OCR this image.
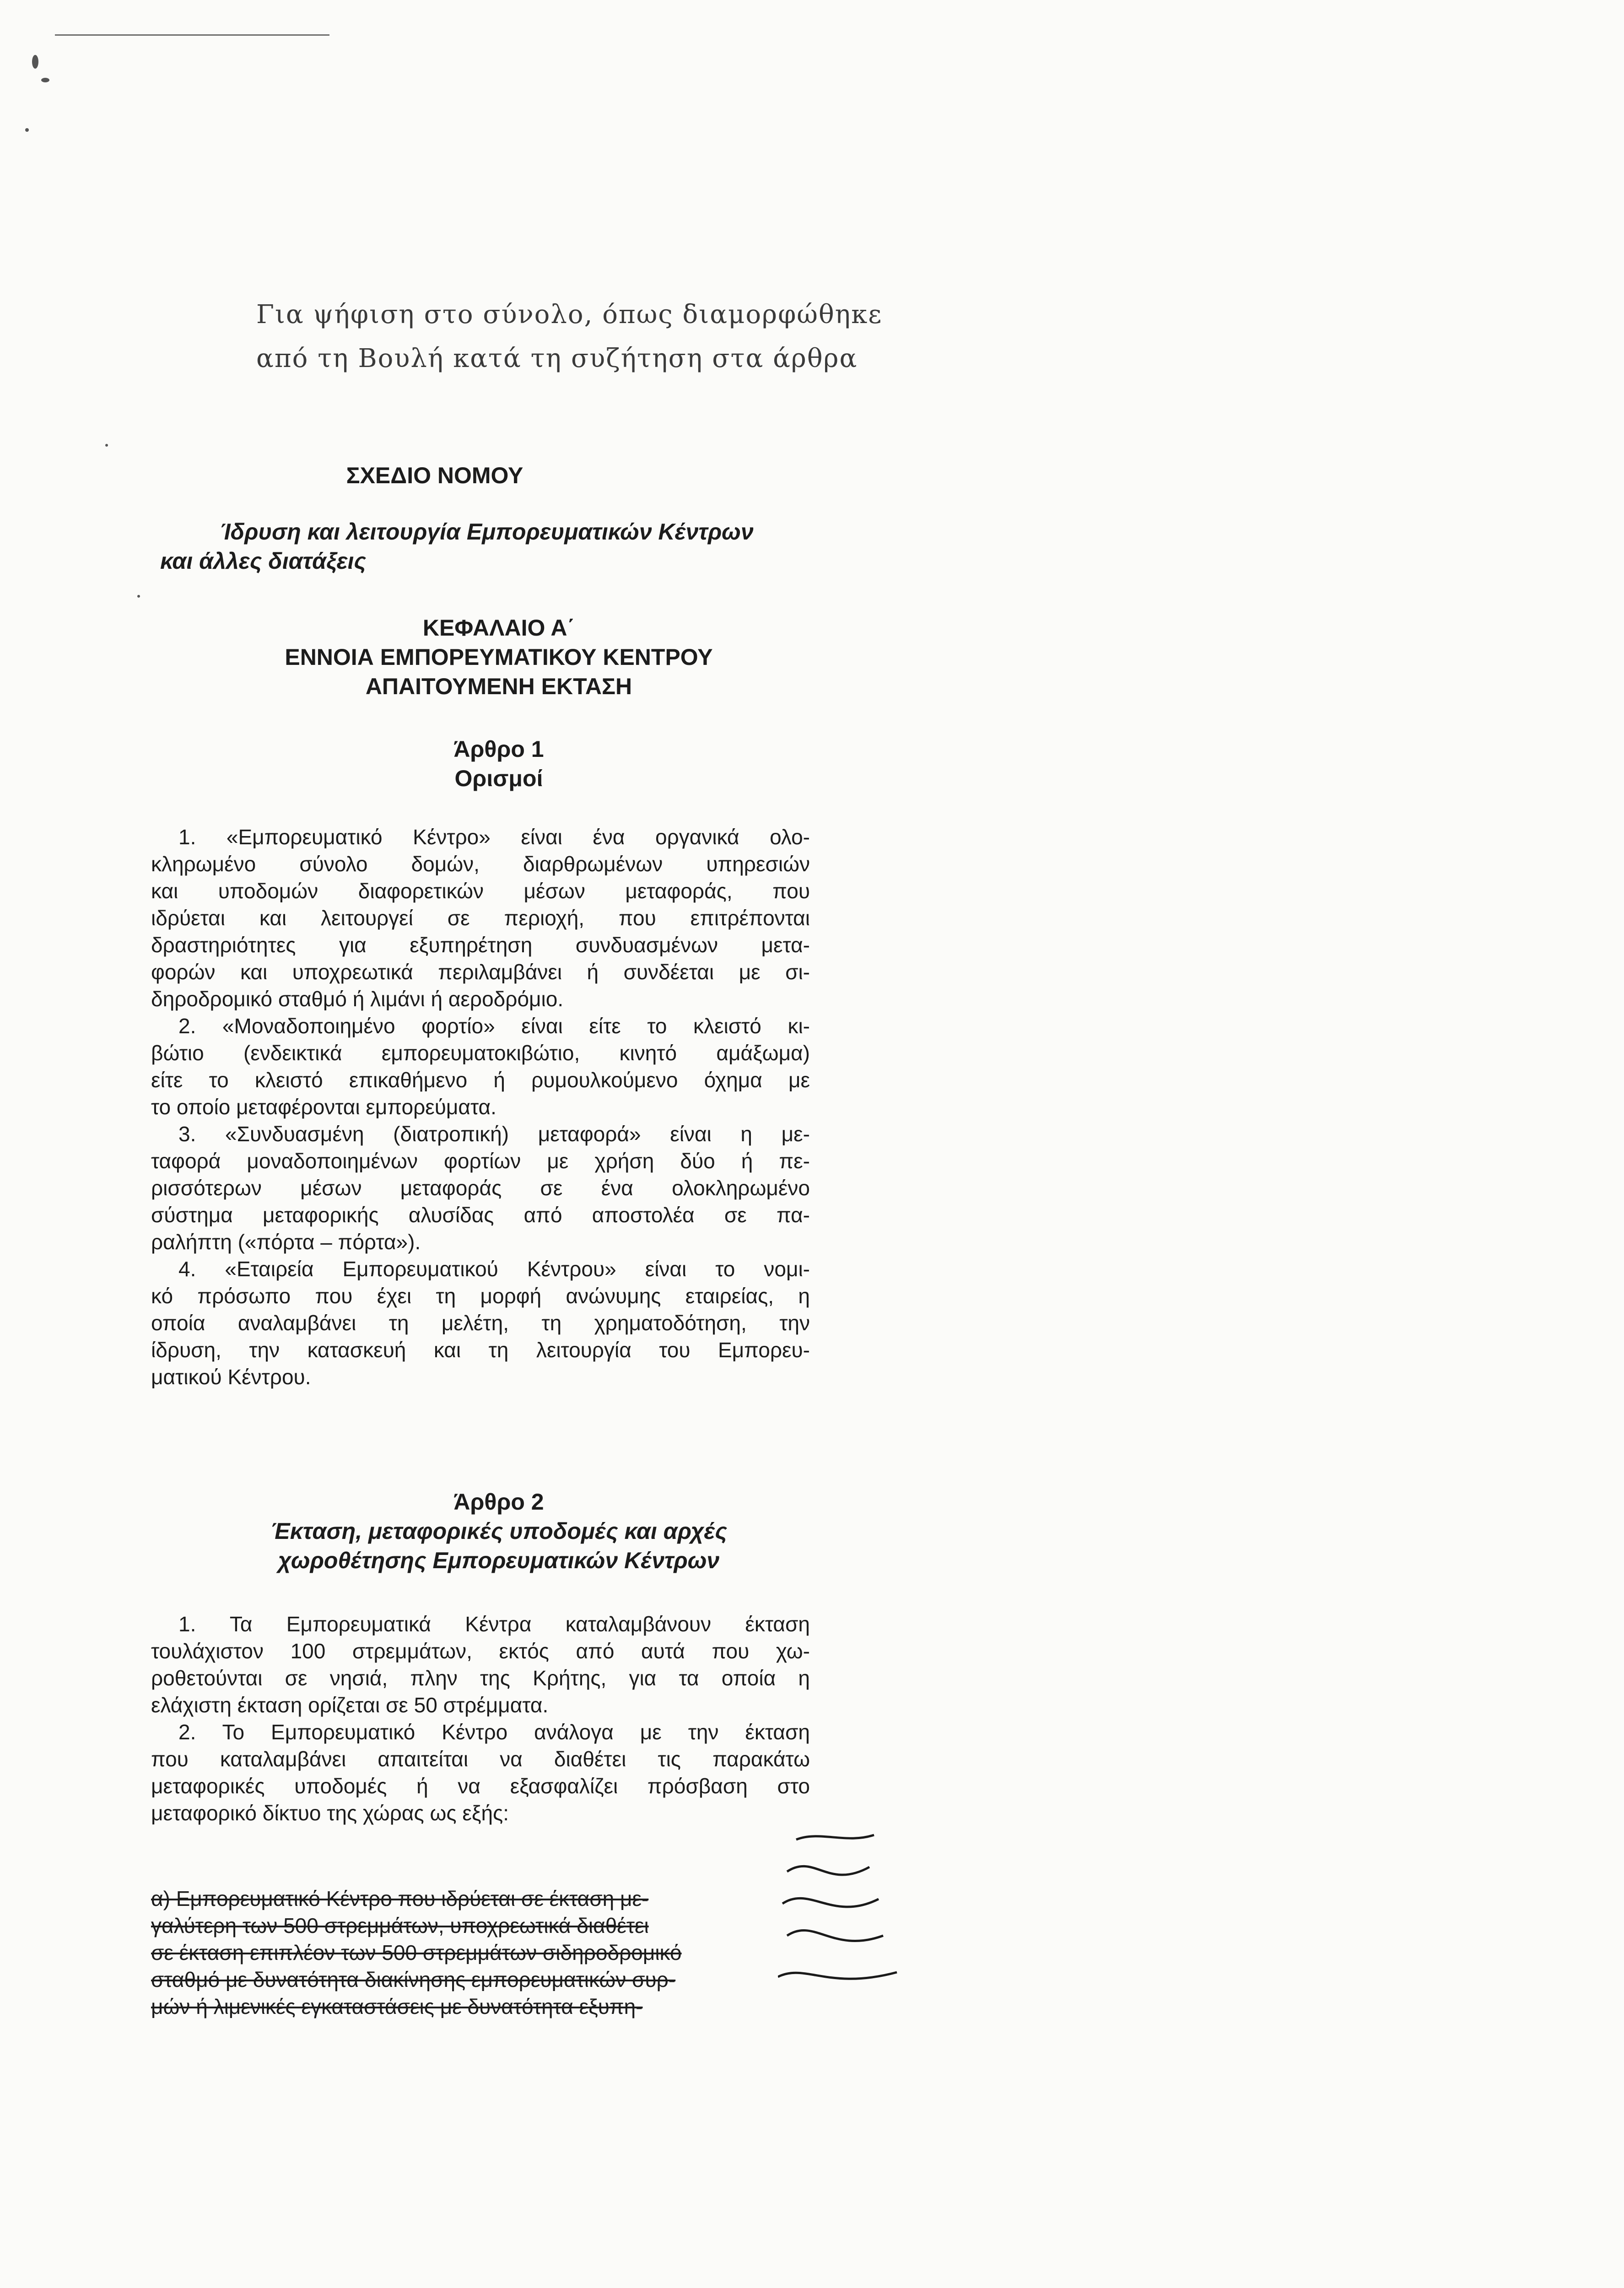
Για ψήφιση στο σύνολο, όπως διαμορφώθηκε
από τη Βουλή κατά τη συζήτηση στα άρθρα
ΣΧΕΔΙΟ ΝΟΜΟΥ
Ίδρυση και λειτουργία Εμπορευματικών Κέντρων
και άλλες διατάξεις
ΚΕΦΑΛΑΙΟ Α΄
ΕΝΝΟΙΑ ΕΜΠΟΡΕΥΜΑΤΙΚΟΥ ΚΕΝΤΡΟΥ
ΑΠΑΙΤΟΥΜΕΝΗ ΕΚΤΑΣΗ
Άρθρο 1
Ορισμοί
1. «Εμπορευματικό Κέντρο» είναι ένα οργανικά ολο-
κληρωμένο σύνολο δομών, διαρθρωμένων υπηρεσιών
και υποδομών διαφορετικών μέσων μεταφοράς, που
ιδρύεται και λειτουργεί σε περιοχή, που επιτρέπονται
δραστηριότητες για εξυπηρέτηση συνδυασμένων μετα-
φορών και υποχρεωτικά περιλαμβάνει ή συνδέεται με σι-
δηροδρομικό σταθμό ή λιμάνι ή αεροδρόμιο.
2. «Μοναδοποιημένο φορτίο» είναι είτε το κλειστό κι-
βώτιο (ενδεικτικά εμπορευματοκιβώτιο, κινητό αμάξωμα)
είτε το κλειστό επικαθήμενο ή ρυμουλκούμενο όχημα με
το οποίο μεταφέρονται εμπορεύματα.
3. «Συνδυασμένη (διατροπική) μεταφορά» είναι η με-
ταφορά μοναδοποιημένων φορτίων με χρήση δύο ή πε-
ρισσότερων μέσων μεταφοράς σε ένα ολοκληρωμένο
σύστημα μεταφορικής αλυσίδας από αποστολέα σε πα-
ραλήπτη («πόρτα – πόρτα»).
4. «Εταιρεία Εμπορευματικού Κέντρου» είναι το νομι-
κό πρόσωπο που έχει τη μορφή ανώνυμης εταιρείας, η
οποία αναλαμβάνει τη μελέτη, τη χρηματοδότηση, την
ίδρυση, την κατασκευή και τη λειτουργία του Εμπορευ-
ματικού Κέντρου.
Άρθρο 2
Έκταση, μεταφορικές υποδομές και αρχές
χωροθέτησης Εμπορευματικών Κέντρων
1. Τα Εμπορευματικά Κέντρα καταλαμβάνουν έκταση
τουλάχιστον 100 στρεμμάτων, εκτός από αυτά που χω-
ροθετούνται σε νησιά, πλην της Κρήτης, για τα οποία η
ελάχιστη έκταση ορίζεται σε 50 στρέμματα.
2. Το Εμπορευματικό Κέντρο ανάλογα με την έκταση
που καταλαμβάνει απαιτείται να διαθέτει τις παρακάτω
μεταφορικές υποδομές ή να εξασφαλίζει πρόσβαση στο
μεταφορικό δίκτυο της χώρας ως εξής:
α) Εμπορευματικό Κέντρο που ιδρύεται σε έκταση με-
γαλύτερη των 500 στρεμμάτων, υποχρεωτικά διαθέτει
σε έκταση επιπλέον των 500 στρεμμάτων σιδηροδρομικό
σταθμό με δυνατότητα διακίνησης εμπορευματικών συρ-
μών ή λιμενικές εγκαταστάσεις με δυνατότητα εξυπη-
